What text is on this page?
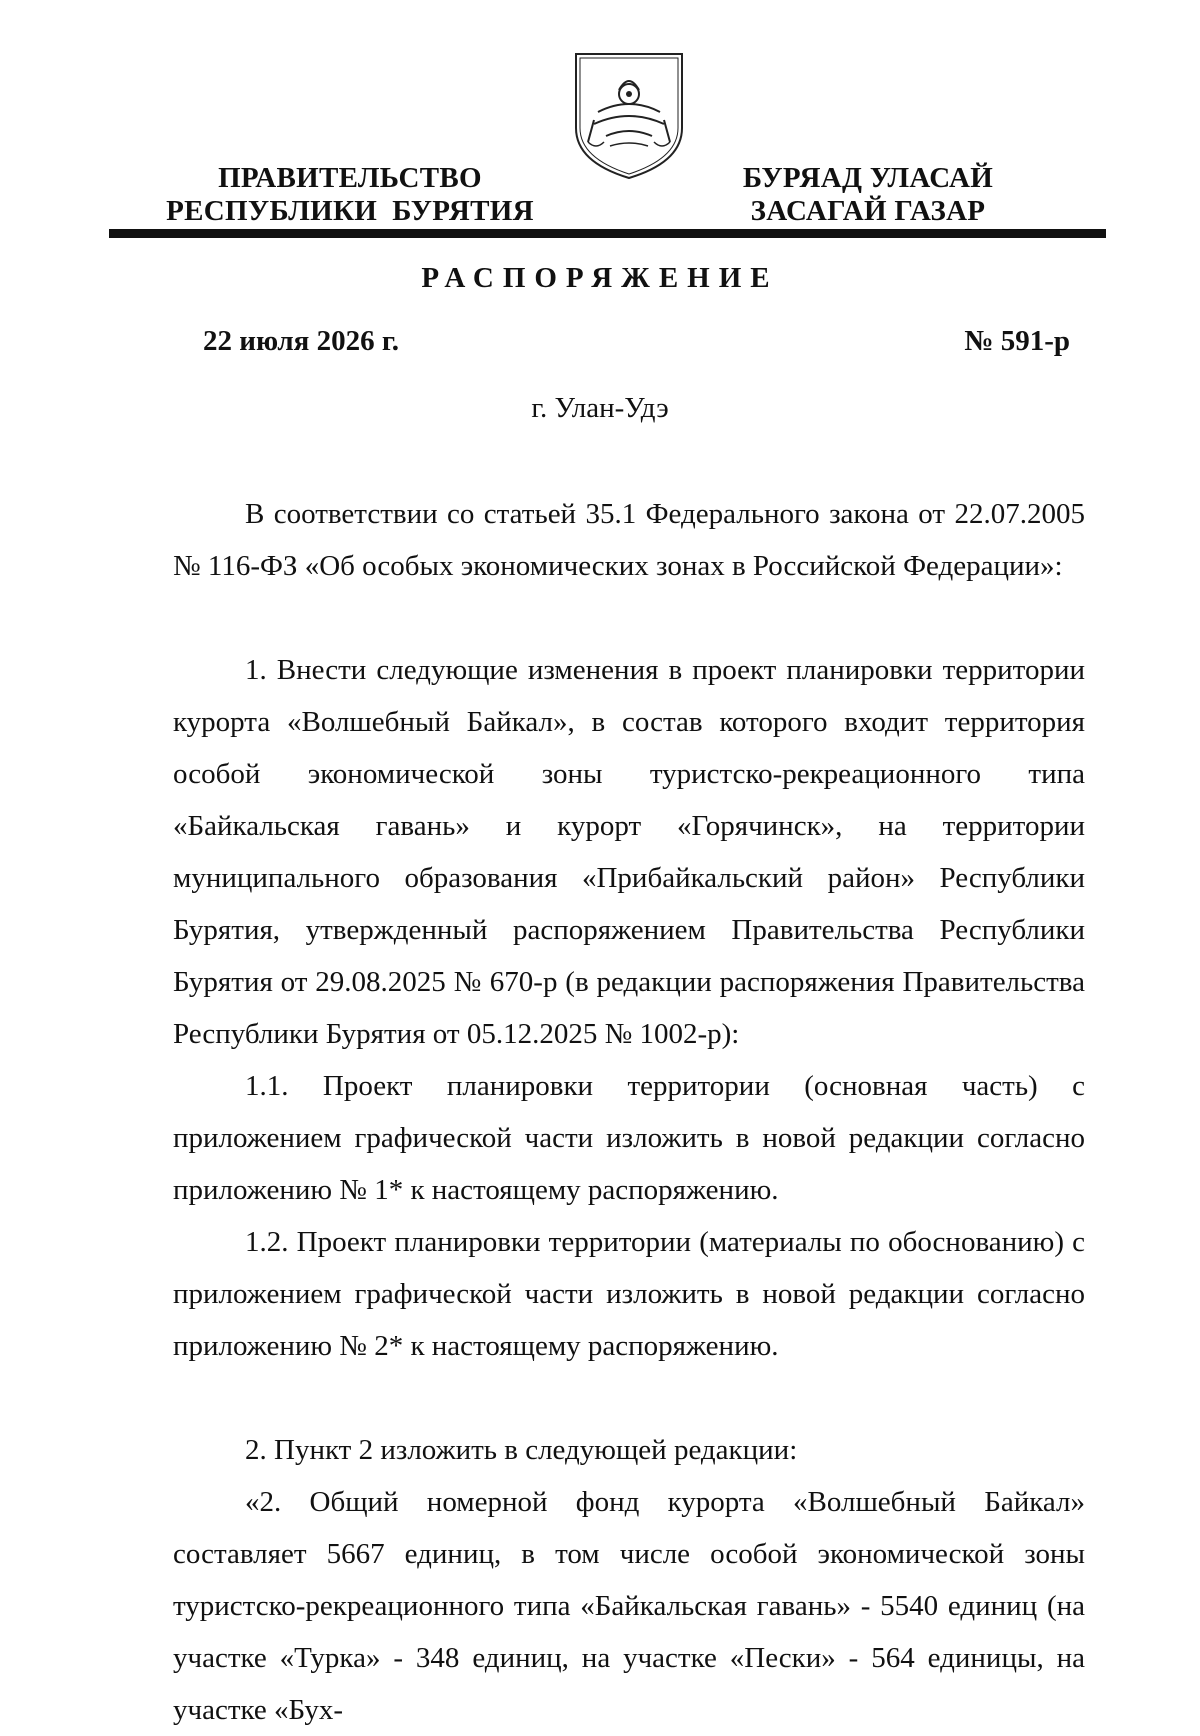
ПРАВИТЕЛЬСТВО
РЕСПУБЛИКИ  БУРЯТИЯ
БУРЯАД УЛАСАЙ
ЗАСАГАЙ ГАЗАР
РАСПОРЯЖЕНИЕ
22 июля 2026 г.	№ 591-р
г. Улан-Удэ

В соответствии со статьей 35.1 Федерального закона от 22.07.2005 № 116-ФЗ «Об особых экономических зонах в Российской Федерации»:

1. Внести следующие изменения в проект планировки территории курорта «Волшебный Байкал», в состав которого входит территория особой экономической зоны туристско-рекреационного типа «Байкальская гавань» и курорт «Горячинск», на территории муниципального образования «Прибайкальский район» Республики Бурятия, утвержденный распоряжением Правительства Республики Бурятия от 29.08.2025 № 670-р (в редакции распоряжения Правительства Республики Бурятия от 05.12.2025 № 1002-р):

1.1. Проект планировки территории (основная часть) с приложением графической части изложить в новой редакции согласно приложению № 1* к настоящему распоряжению.

1.2. Проект планировки территории (материалы по обоснованию) с приложением графической части изложить в новой редакции согласно приложению № 2* к настоящему распоряжению.

2. Пункт 2 изложить в следующей редакции:

«2. Общий номерной фонд курорта «Волшебный Байкал» составляет 5667 единиц, в том числе особой экономической зоны туристско-рекреационного типа «Байкальская гавань» - 5540 единиц (на участке «Турка» - 348 единиц, на участке «Пески» - 564 единицы, на участке «Бух-
